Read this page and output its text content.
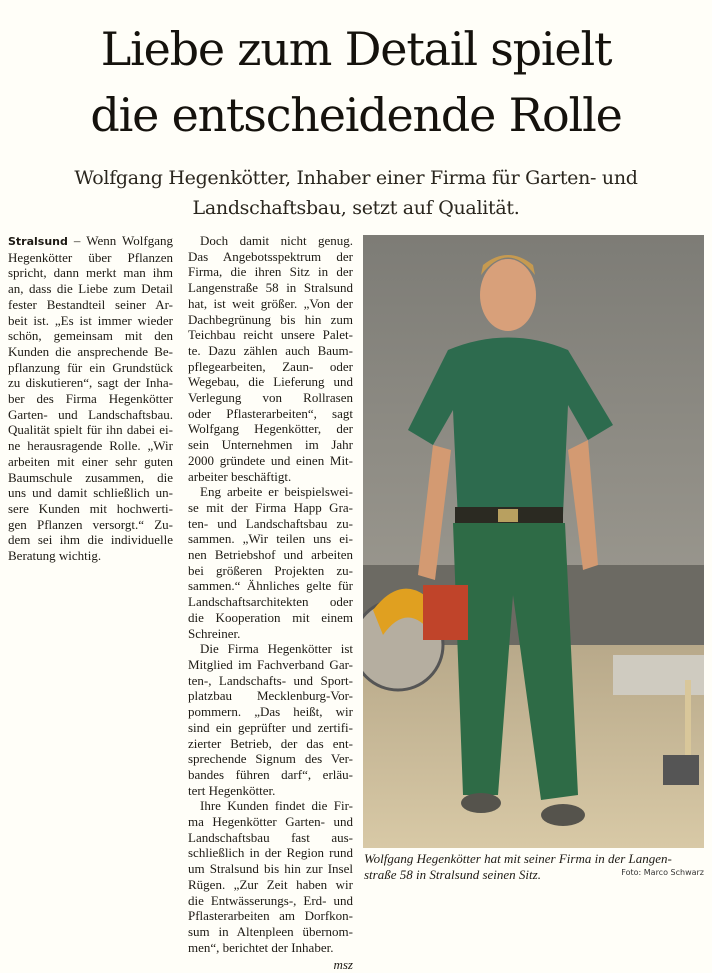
Liebe zum Detail spielt
die entscheidende Rolle
Wolfgang Hegenkötter, Inhaber einer Firma für Garten- und
Landschaftsbau, setzt auf Qualität.
Stralsund – Wenn Wolfgang
Hegenkötter über Pflanzen
spricht, dann merkt man ihm
an, dass die Liebe zum Detail
fester Bestandteil seiner Ar-
beit ist. „Es ist immer wieder
schön, gemeinsam mit den
Kunden die ansprechende Be-
pflanzung für ein Grundstück
zu diskutieren“, sagt der Inha-
ber des Firma Hegenkötter
Garten- und Landschaftsbau.
Qualität spielt für ihn dabei ei-
ne herausragende Rolle. „Wir
arbeiten mit einer sehr guten
Baumschule zusammen, die
uns und damit schließlich un-
sere Kunden mit hochwerti-
gen Pflanzen versorgt.“ Zu-
dem sei ihm die individuelle
Beratung wichtig.
Doch damit nicht genug.
Das Angebotsspektrum der
Firma, die ihren Sitz in der
Langenstraße 58 in Stralsund
hat, ist weit größer. „Von der
Dachbegrünung bis hin zum
Teichbau reicht unsere Palet-
te. Dazu zählen auch Baum-
pflegearbeiten, Zaun- oder
Wegebau, die Lieferung und
Verlegung von Rollrasen
oder Pflasterarbeiten“, sagt
Wolfgang Hegenkötter, der
sein Unternehmen im Jahr
2000 gründete und einen Mit-
arbeiter beschäftigt.
Eng arbeite er beispielswei-
se mit der Firma Happ Gra-
ten- und Landschaftsbau zu-
sammen. „Wir teilen uns ei-
nen Betriebshof und arbeiten
bei größeren Projekten zu-
sammen.“ Ähnliches gelte für
Landschaftsarchitekten oder
die Kooperation mit einem
Schreiner.
Die Firma Hegenkötter ist
Mitglied im Fachverband Gar-
ten-, Landschafts- und Sport-
platzbau Mecklenburg-Vor-
pommern. „Das heißt, wir
sind ein geprüfter und zertifi-
zierter Betrieb, der das ent-
sprechende Signum des Ver-
bandes führen darf“, erläu-
tert Hegenkötter.
Ihre Kunden findet die Fir-
ma Hegenkötter Garten- und
Landschaftsbau fast aus-
schließlich in der Region rund
um Stralsund bis hin zur Insel
Rügen. „Zur Zeit haben wir
die Entwässerungs-, Erd- und
Pflasterarbeiten am Dorfkon-
sum in Altenpleen übernom-
men“, berichtet der Inhaber.
msz
Wolfgang Hegenkötter hat mit seiner Firma in der Langen-
straße 58 in Stralsund seinen Sitz.	Foto: Marco Schwarz
